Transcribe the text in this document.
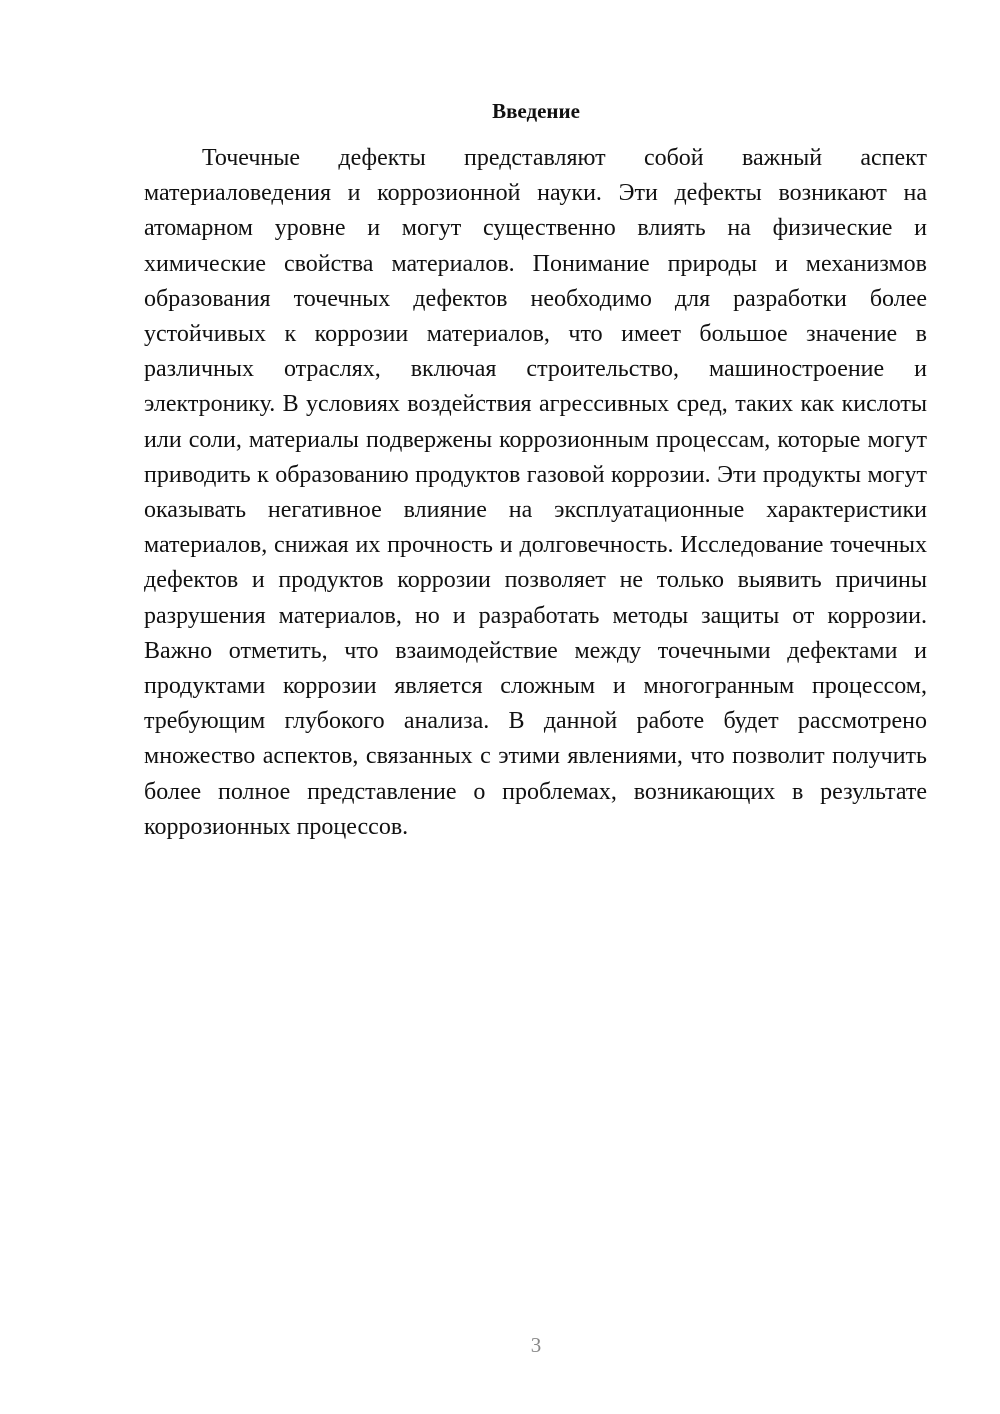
Введение
Точечные дефекты представляют собой важный аспект материаловедения и коррозионной науки. Эти дефекты возникают на атомарном уровне и могут существенно влиять на физические и химические свойства материалов. Понимание природы и механизмов образования точечных дефектов необходимо для разработки более устойчивых к коррозии материалов, что имеет большое значение в различных отраслях, включая строительство, машиностроение и электронику. В условиях воздействия агрессивных сред, таких как кислоты или соли, материалы подвержены коррозионным процессам, которые могут приводить к образованию продуктов газовой коррозии. Эти продукты могут оказывать негативное влияние на эксплуатационные характеристики материалов, снижая их прочность и долговечность. Исследование точечных дефектов и продуктов коррозии позволяет не только выявить причины разрушения материалов, но и разработать методы защиты от коррозии. Важно отметить, что взаимодействие между точечными дефектами и продуктами коррозии является сложным и многогранным процессом, требующим глубокого анализа. В данной работе будет рассмотрено множество аспектов, связанных с этими явлениями, что позволит получить более полное представление о проблемах, возникающих в результате коррозионных процессов.
3
